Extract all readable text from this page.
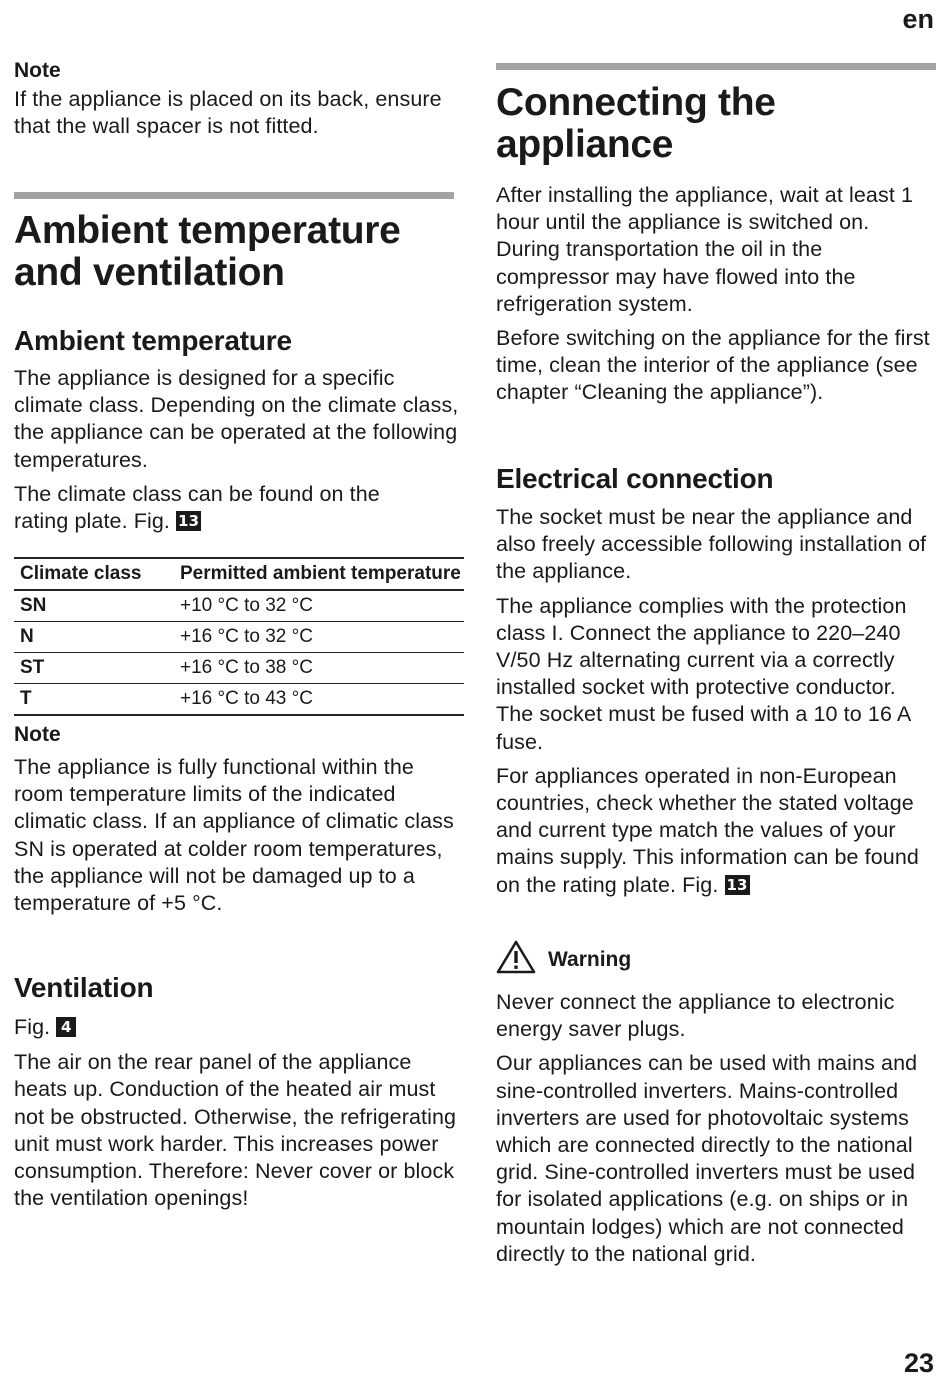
en

Note

If the appliance is placed on its back, ensure that the wall spacer is not fitted.

Ambient temperature

and ventilation

Ambient temperature

The appliance is designed for a specific climate class. Depending on the climate class, the appliance can be operated at the following temperatures.

The climate class can be found on the rating plate. Fig. 13

Climate class	Permitted ambient temperature
SN	+10 °C to 32 °C
N	+16 °C to 32 °C
ST	+16 °C to 38 °C
T	+16 °C to 43 °C

Note

The appliance is fully functional within the room temperature limits of the indicated climatic class. If an appliance of climatic class SN is operated at colder room temperatures, the appliance will not be damaged up to a temperature of +5 °C.

Ventilation

Fig. 4

The air on the rear panel of the appliance heats up. Conduction of the heated air must not be obstructed. Otherwise, the refrigerating unit must work harder. This increases power consumption. Therefore: Never cover or block the ventilation openings!

Connecting the

appliance

After installing the appliance, wait at least 1 hour until the appliance is switched on. During transportation the oil in the compressor may have flowed into the refrigeration system.

Before switching on the appliance for the first time, clean the interior of the appliance (see chapter “Cleaning the appliance”).

Electrical connection

The socket must be near the appliance and also freely accessible following installation of the appliance.

The appliance complies with the protection class I. Connect the appliance to 220–240 V/50 Hz alternating current via a correctly installed socket with protective conductor. The socket must be fused with a 10 to 16 A fuse.

For appliances operated in non-European countries, check whether the stated voltage and current type match the values of your mains supply. This information can be found on the rating plate. Fig. 13

Warning

Never connect the appliance to electronic energy saver plugs.

Our appliances can be used with mains and sine-controlled inverters. Mains-controlled inverters are used for photovoltaic systems which are connected directly to the national grid. Sine-controlled inverters must be used for isolated applications (e.g. on ships or in mountain lodges) which are not connected directly to the national grid.

23
